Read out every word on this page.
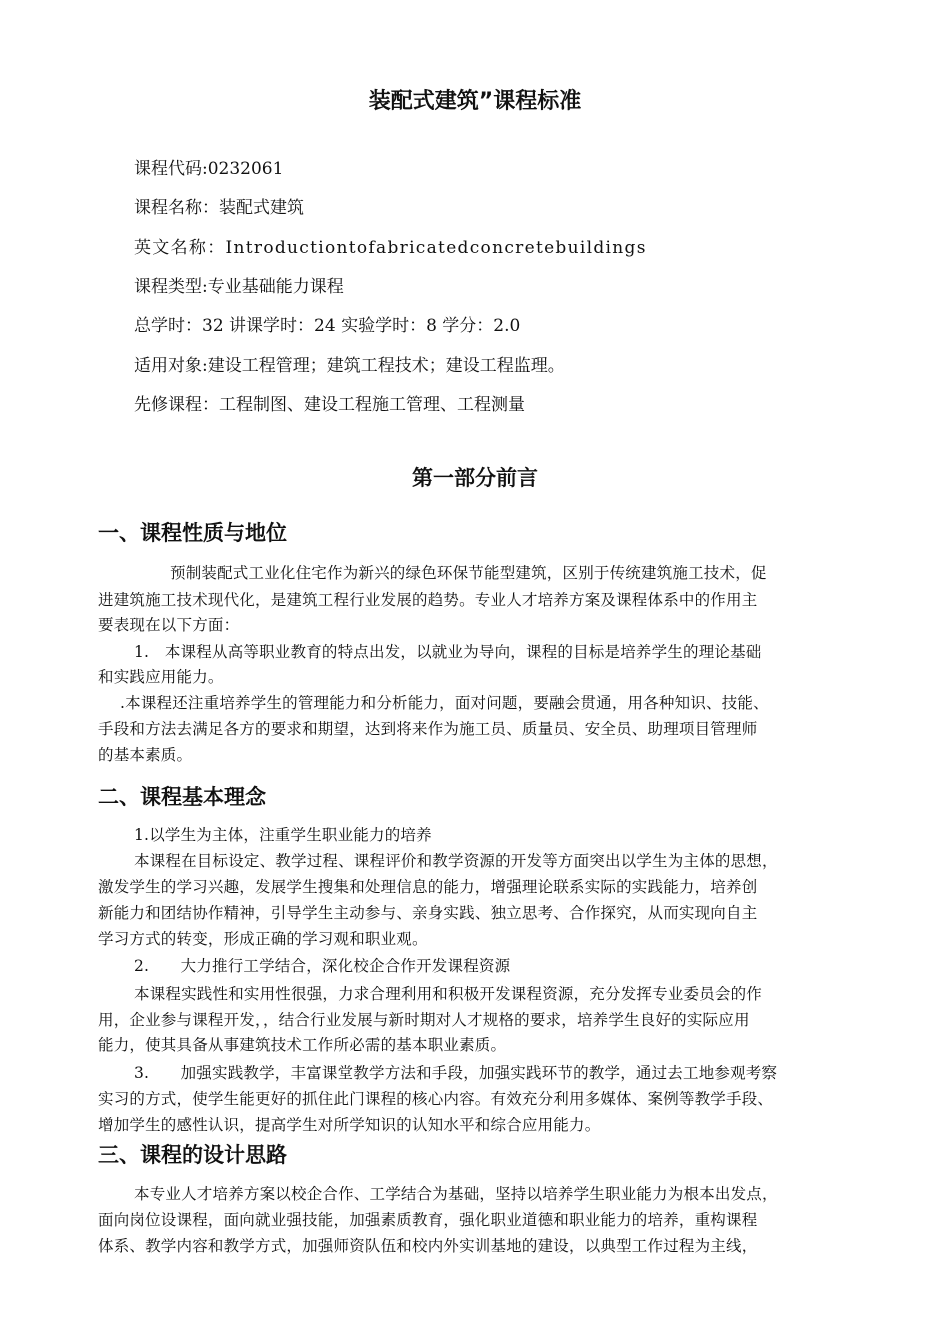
装配式建筑”课程标准
课程代码:0232061
课程名称：装配式建筑
英文名称：Introductiontofabricatedconcretebuildings
课程类型:专业基础能力课程
总学时：32 讲课学时：24 实验学时：8 学分：2.0
适用对象:建设工程管理；建筑工程技术；建设工程监理。
先修课程：工程制图、建设工程施工管理、工程测量
第一部分前言
一、课程性质与地位
预制装配式工业化住宅作为新兴的绿色环保节能型建筑，区别于传统建筑施工技术，促
进建筑施工技术现代化，是建筑工程行业发展的趋势。专业人才培养方案及课程体系中的作用主
要表现在以下方面：
1.　本课程从高等职业教育的特点出发，以就业为导向，课程的目标是培养学生的理论基础
和实践应用能力。
.本课程还注重培养学生的管理能力和分析能力，面对问题，要融会贯通，用各种知识、技能、
手段和方法去满足各方的要求和期望，达到将来作为施工员、质量员、安全员、助理项目管理师
的基本素质。
二、课程基本理念
1.以学生为主体，注重学生职业能力的培养
本课程在目标设定、教学过程、课程评价和教学资源的开发等方面突出以学生为主体的思想，
激发学生的学习兴趣，发展学生搜集和处理信息的能力，增强理论联系实际的实践能力，培养创
新能力和团结协作精神，引导学生主动参与、亲身实践、独立思考、合作探究，从而实现向自主
学习方式的转变，形成正确的学习观和职业观。
2.　　大力推行工学结合，深化校企合作开发课程资源
本课程实践性和实用性很强，力求合理利用和积极开发课程资源，充分发挥专业委员会的作
用，企业参与课程开发，，结合行业发展与新时期对人才规格的要求，培养学生良好的实际应用
能力，使其具备从事建筑技术工作所必需的基本职业素质。
3.　　加强实践教学，丰富课堂教学方法和手段，加强实践环节的教学，通过去工地参观考察
实习的方式，使学生能更好的抓住此门课程的核心内容。有效充分利用多媒体、案例等教学手段、
增加学生的感性认识，提高学生对所学知识的认知水平和综合应用能力。
三、课程的设计思路
本专业人才培养方案以校企合作、工学结合为基础，坚持以培养学生职业能力为根本出发点，
面向岗位设课程，面向就业强技能，加强素质教育，强化职业道德和职业能力的培养，重构课程
体系、教学内容和教学方式，加强师资队伍和校内外实训基地的建设，以典型工作过程为主线，
